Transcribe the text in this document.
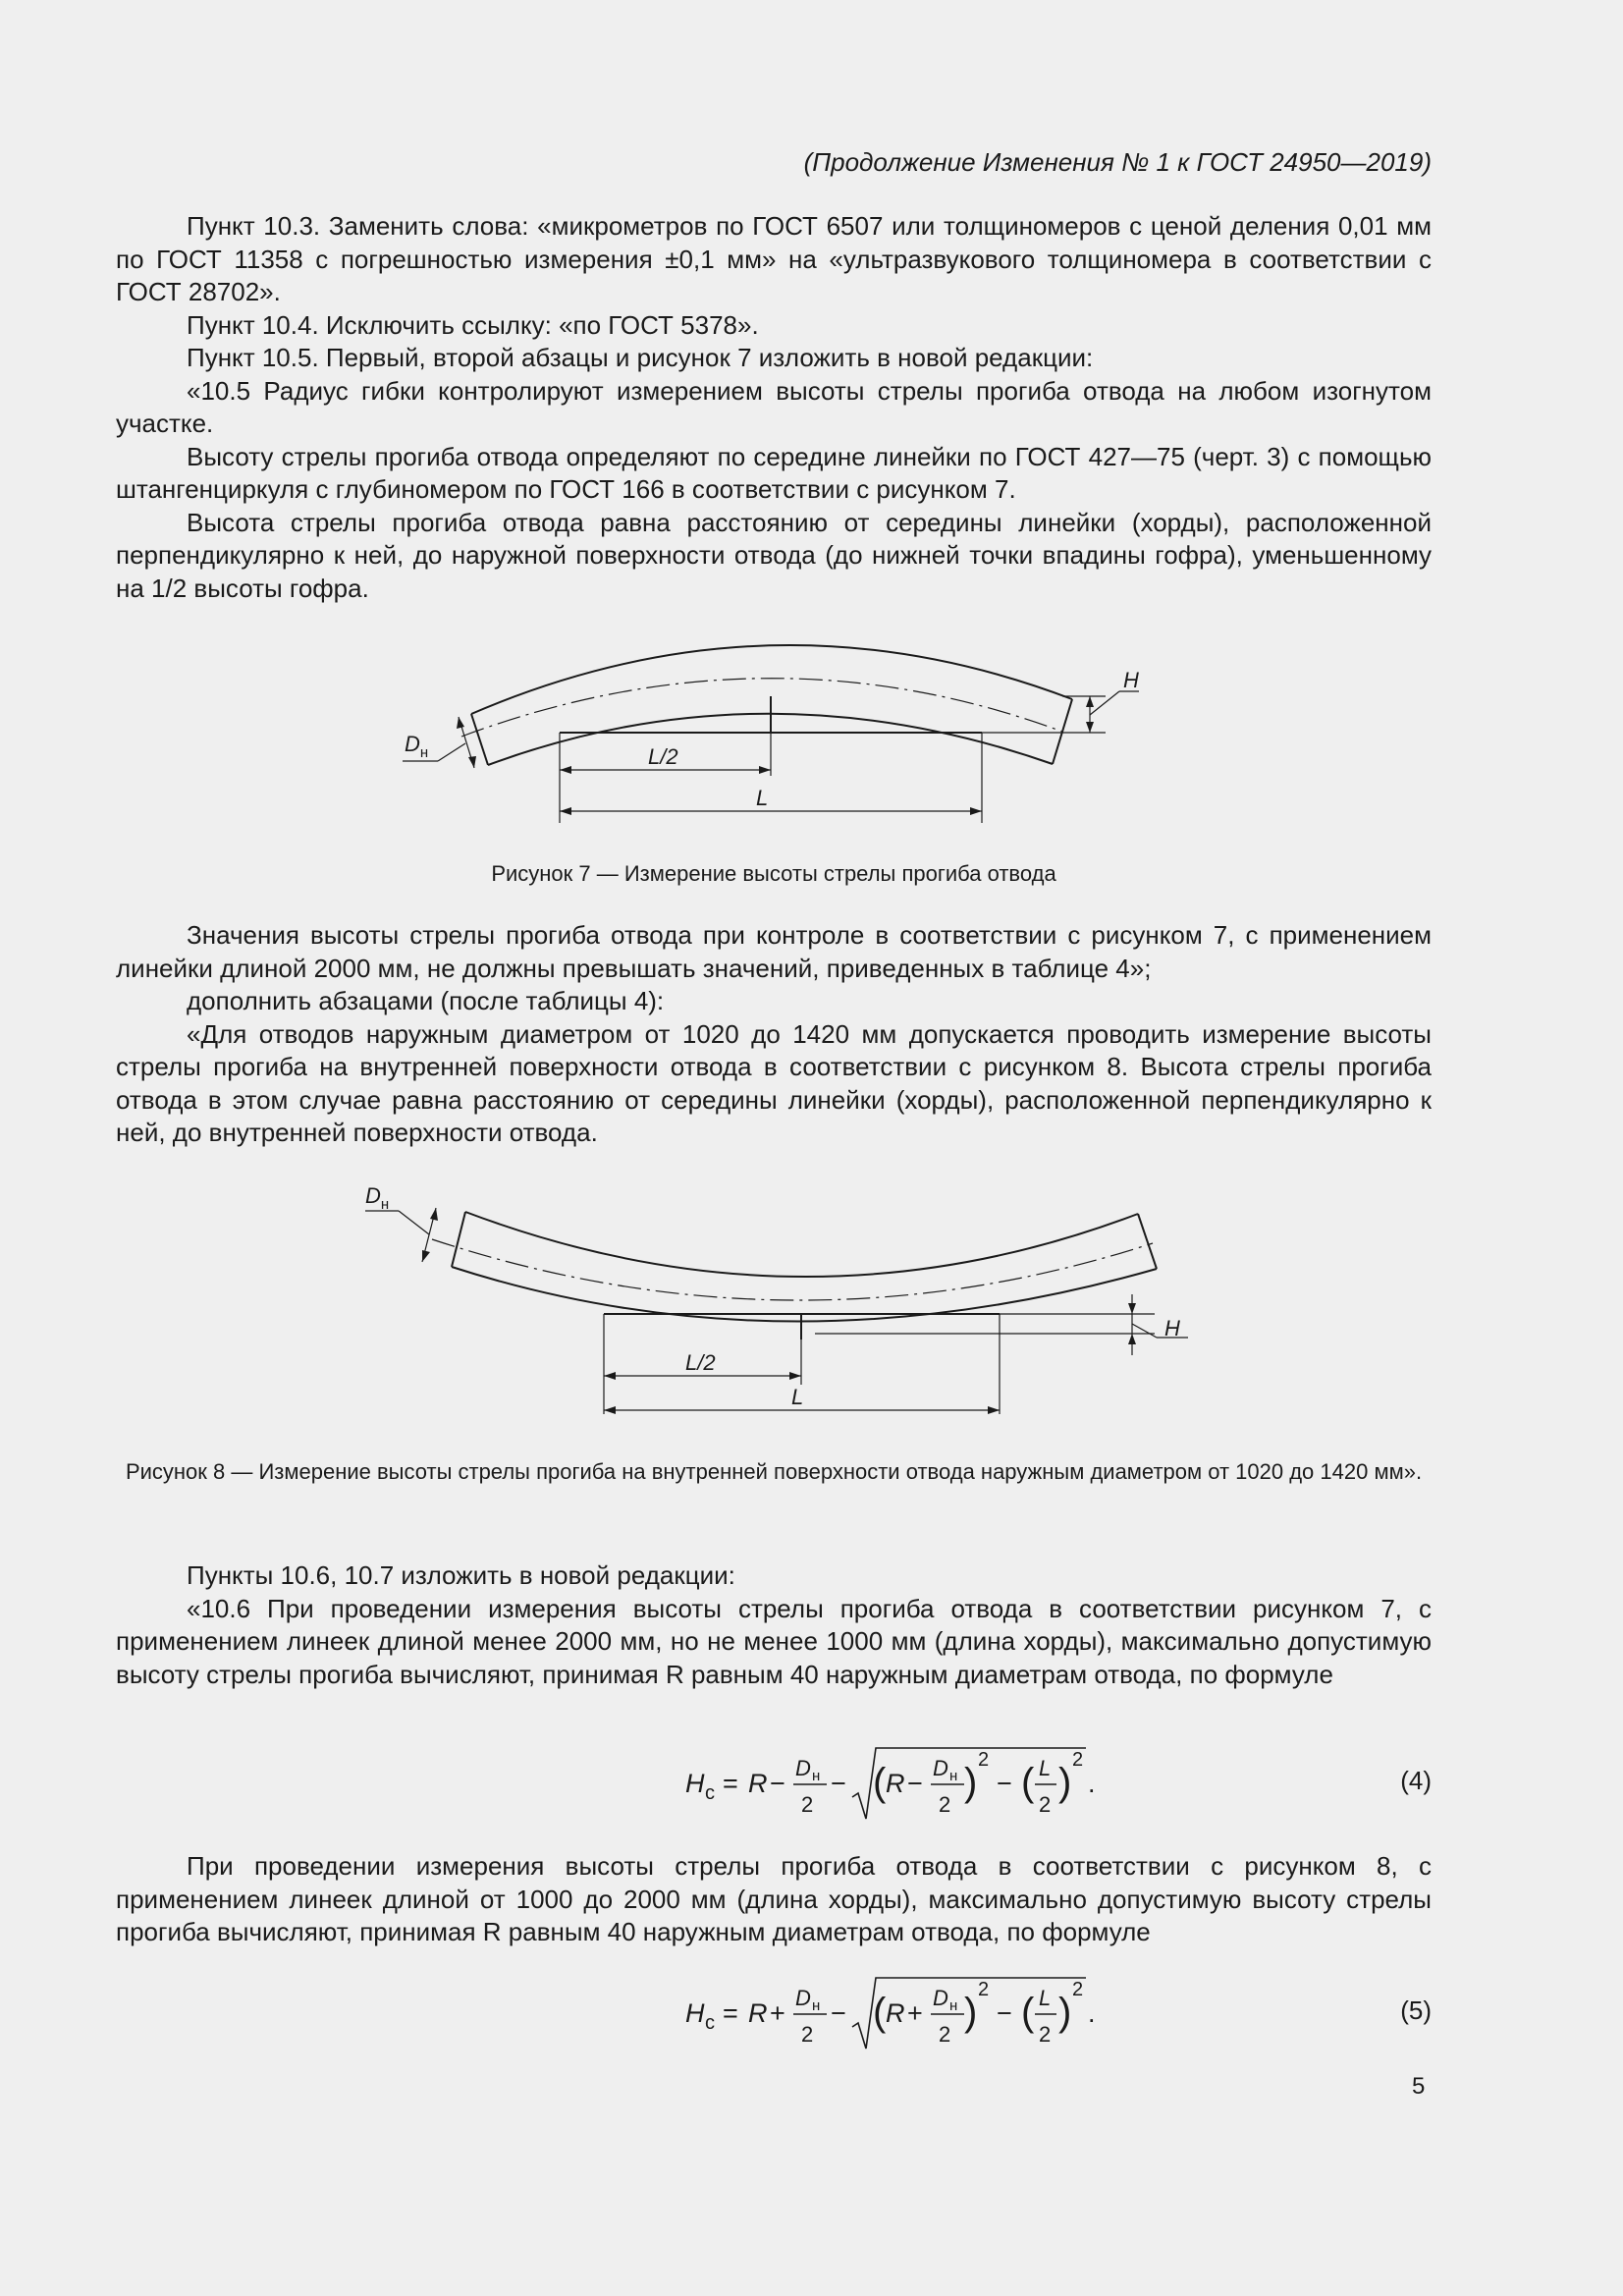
(Продолжение Изменения № 1 к ГОСТ 24950—2019)

Пункт 10.3. Заменить слова: «микрометров по ГОСТ 6507 или толщиномеров с ценой деления 0,01 мм по ГОСТ 11358 с погрешностью измерения ±0,1 мм» на «ультразвукового толщиномера в соответствии с ГОСТ 28702».

Пункт 10.4. Исключить ссылку: «по ГОСТ 5378».

Пункт 10.5. Первый, второй абзацы и рисунок 7 изложить в новой редакции:

«10.5 Радиус гибки контролируют измерением высоты стрелы прогиба отвода на любом изогнутом участке.

Высоту стрелы прогиба отвода определяют по середине линейки по ГОСТ 427—75 (черт. 3) с помощью штангенциркуля с глубиномером по ГОСТ 166 в соответствии с рисунком 7.

Высота стрелы прогиба отвода равна расстоянию от середины линейки (хорды), расположенной перпендикулярно к ней, до наружной поверхности отвода (до нижней точки впадины гофра), уменьшенному на 1/2 высоты гофра.

H
$D_н$	L/2
L
Рисунок 7 — Измерение высоты стрелы прогиба отвода

Значения высоты стрелы прогиба отвода при контроле в соответствии с рисунком 7, с применением линейки длиной 2000 мм, не должны превышать значений, приведенных в таблице 4»;

дополнить абзацами (после таблицы 4):

«Для отводов наружным диаметром от 1020 до 1420 мм допускается проводить измерение высоты стрелы прогиба на внутренней поверхности отвода в соответствии с рисунком 8. Высота стрелы прогиба отвода в этом случае равна расстоянию от середины линейки (хорды), расположенной перпендикулярно к ней, до внутренней поверхности отвода.

H
$D_н$
L/2
L
Рисунок 8 — Измерение высоты стрелы прогиба на внутренней поверхности отвода наружным диаметром от 1020 до 1420 мм».

Пункты 10.6, 10.7 изложить в новой редакции:

«10.6 При проведении измерения высоты стрелы прогиба отвода в соответствии рисунком 7, с применением линеек длиной менее 2000 мм, но не менее 1000 мм (длина хорды), максимально допустимую высоту стрелы прогиба вычисляют, принимая R равным 40 наружным диаметрам отвода, по формуле

H с = R −
D н
2
− ( R −
D н
2
)
2
− ( L
2
)
2
.	(4)

При проведении измерения высоты стрелы прогиба отвода в соответствии с рисунком 8, с применением линеек длиной от 1000 до 2000 мм (длина хорды), максимально допустимую высоту стрелы прогиба вычисляют, принимая R равным 40 наружным диаметрам отвода, по формуле

H с = R +
D н
2
− ( R +
D н
2
)
2
− ( L
2
)
2
.	(5)
5
